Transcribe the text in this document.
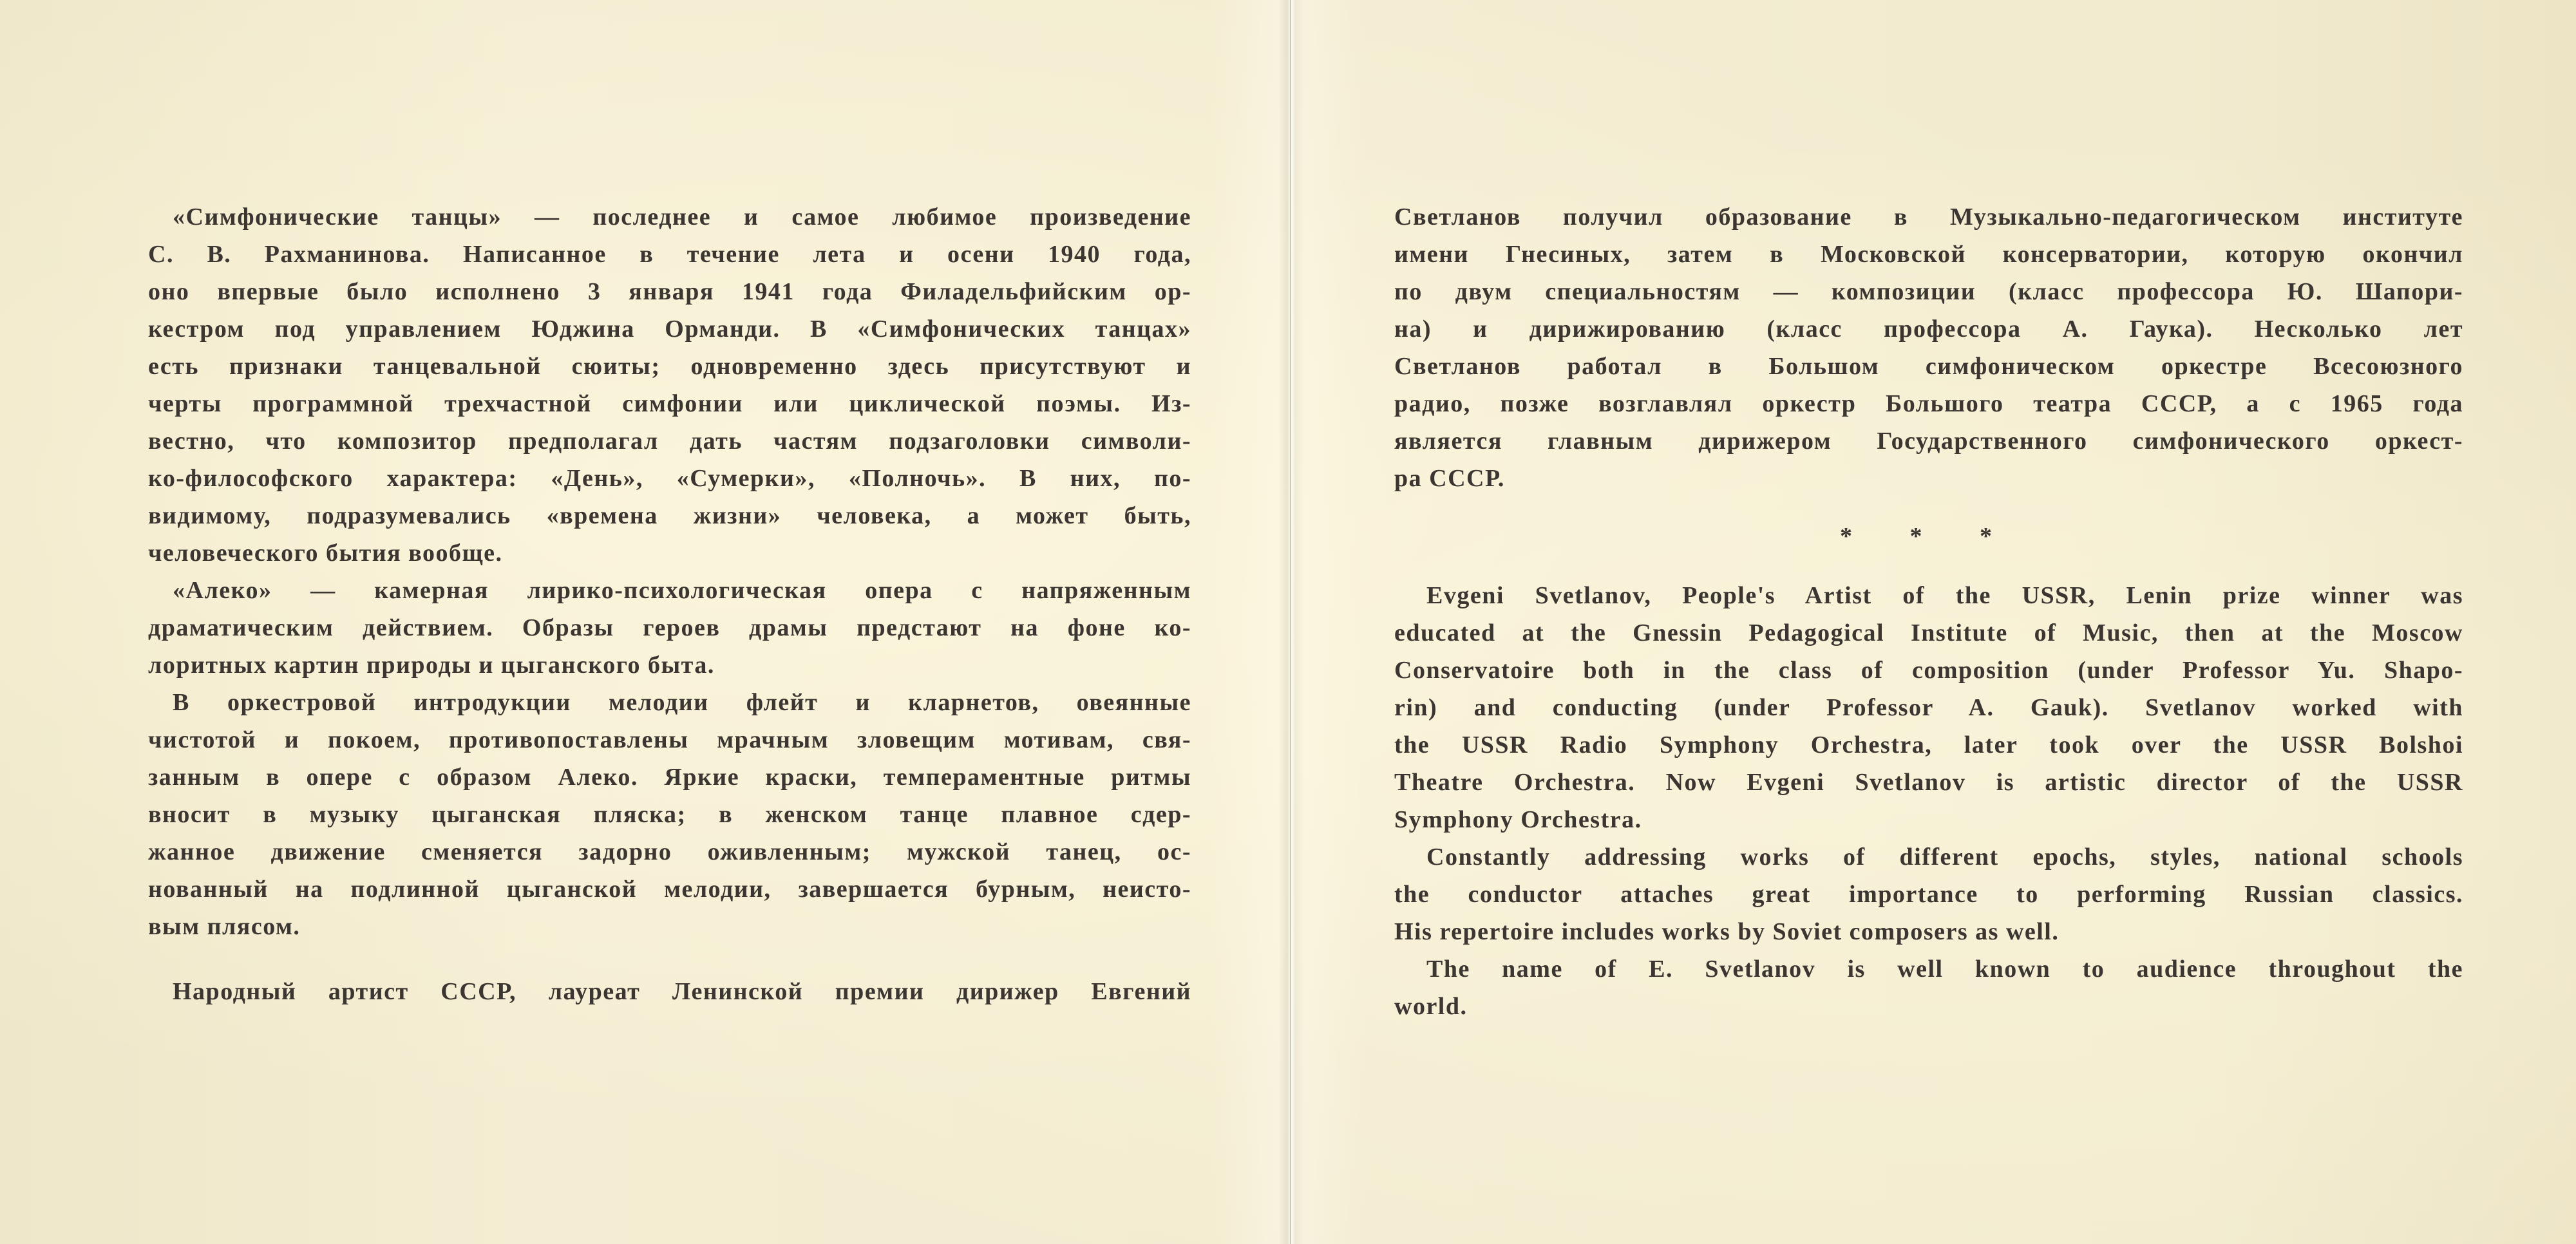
«Симфонические танцы» — последнее и самое любимое произведение
С. В. Рахманинова. Написанное в течение лета и осени 1940 года,
оно впервые было исполнено 3 января 1941 года Филадельфийским ор-
кестром под управлением Юджина Орманди. В «Симфонических танцах»
есть признаки танцевальной сюиты; одновременно здесь присутствуют и
черты программной трехчастной симфонии или циклической поэмы. Из-
вестно, что композитор предполагал дать частям подзаголовки символи-
ко-философского характера: «День», «Сумерки», «Полночь». В них, по-
видимому, подразумевались «времена жизни» человека, а может быть,
человеческого бытия вообще.
«Алеко» — камерная лирико-психологическая опера с напряженным
драматическим действием. Образы героев драмы предстают на фоне ко-
лоритных картин природы и цыганского быта.
В оркестровой интродукции мелодии флейт и кларнетов, овеянные
чистотой и покоем, противопоставлены мрачным зловещим мотивам, свя-
занным в опере с образом Алеко. Яркие краски, темпераментные ритмы
вносит в музыку цыганская пляска; в женском танце плавное сдер-
жанное движение сменяется задорно оживленным; мужской танец, ос-
нованный на подлинной цыганской мелодии, завершается бурным, неисто-
вым плясом.
Народный артист СССР, лауреат Ленинской премии дирижер Евгений
Светланов получил образование в Музыкально-педагогическом институте
имени Гнесиных, затем в Московской консерватории, которую окончил
по двум специальностям — композиции (класс профессора Ю. Шапори-
на) и дирижированию (класс профессора А. Гаука). Несколько лет
Светланов работал в Большом симфоническом оркестре Всесоюзного
радио, позже возглавлял оркестр Большого театра СССР, а с 1965 года
является главным дирижером Государственного симфонического оркест-
ра СССР.
* * *
Evgeni Svetlanov, People's Artist of the USSR, Lenin prize winner was
educated at the Gnessin Pedagogical Institute of Music, then at the Moscow
Conservatoire both in the class of composition (under Professor Yu. Shapo-
rin) and conducting (under Professor A. Gauk). Svetlanov worked with
the USSR Radio Symphony Orchestra, later took over the USSR Bolshoi
Theatre Orchestra. Now Evgeni Svetlanov is artistic director of the USSR
Symphony Orchestra.
Constantly addressing works of different epochs, styles, national schools
the conductor attaches great importance to performing Russian classics.
His repertoire includes works by Soviet composers as well.
The name of E. Svetlanov is well known to audience throughout the
world.
